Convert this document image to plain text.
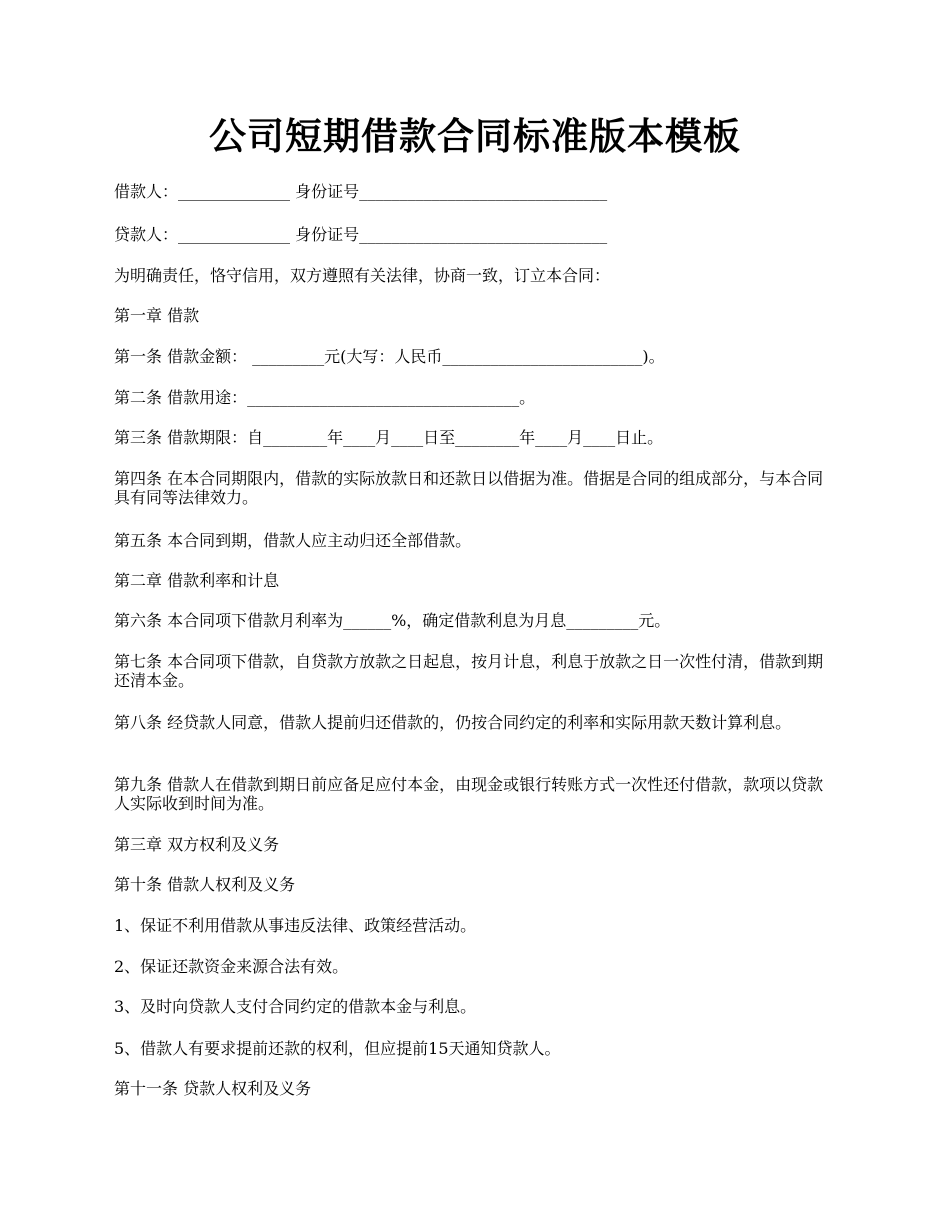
公司短期借款合同标准版本模板

借款人：______________ 身份证号_______________________________

贷款人：______________ 身份证号_______________________________

为明确责任，恪守信用，双方遵照有关法律，协商一致，订立本合同：

第一章 借款

第一条 借款金额： _________元(大写：人民币_________________________)。

第二条 借款用途：__________________________________。

第三条 借款期限：自________年____月____日至________年____月____日止。

第四条 在本合同期限内，借款的实际放款日和还款日以借据为准。借据是合同的组成部分，与本合同具有同等法律效力。

第五条 本合同到期，借款人应主动归还全部借款。

第二章 借款利率和计息

第六条 本合同项下借款月利率为______%，确定借款利息为月息_________元。

第七条 本合同项下借款，自贷款方放款之日起息，按月计息，利息于放款之日一次性付清，借款到期还清本金。

第八条 经贷款人同意，借款人提前归还借款的，仍按合同约定的利率和实际用款天数计算利息。

第九条 借款人在借款到期日前应备足应付本金，由现金或银行转账方式一次性还付借款，款项以贷款人实际收到时间为准。

第三章 双方权利及义务

第十条 借款人权利及义务

1、保证不利用借款从事违反法律、政策经营活动。

2、保证还款资金来源合法有效。

3、及时向贷款人支付合同约定的借款本金与利息。

5、借款人有要求提前还款的权利，但应提前15天通知贷款人。

第十一条 贷款人权利及义务
